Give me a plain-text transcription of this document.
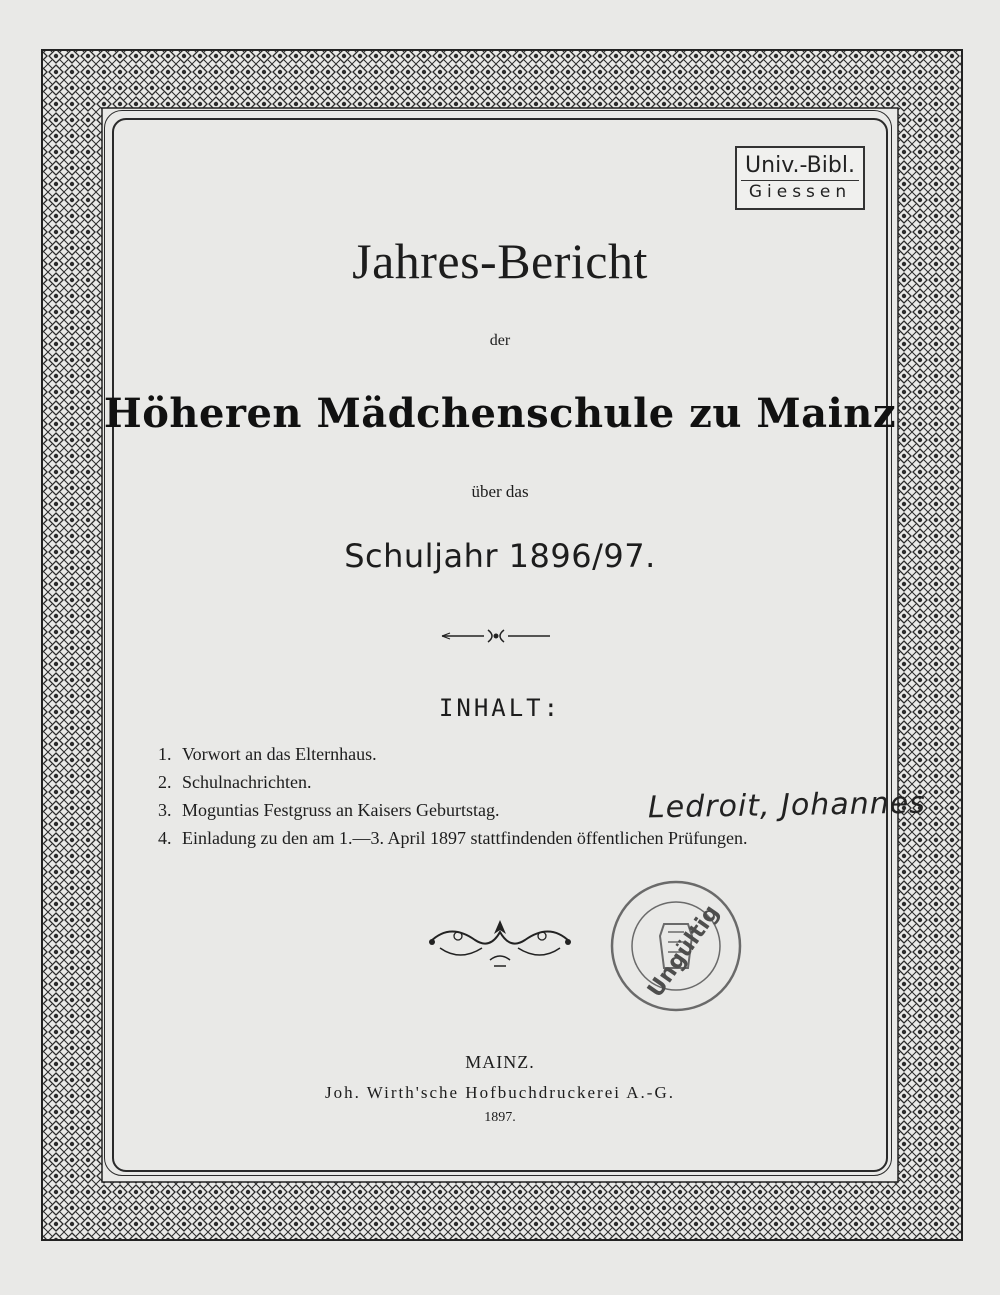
Univ.-Bibl.
Giessen
Jahres-Bericht
der
Höheren Mädchenschule zu Mainz
über das
Schuljahr 1896/97.
INHALT:
1. Vorwort an das Elternhaus.
2. Schulnachrichten.
3. Moguntias Festgruss an Kaisers Geburtstag.
4. Einladung zu den am 1.—3. April 1897 stattfindenden öffentlichen Prüfungen.
Ledroit, Johannes
Ungültig
MAINZ.
Joh. Wirth'sche Hofbuchdruckerei A.-G.
1897.
